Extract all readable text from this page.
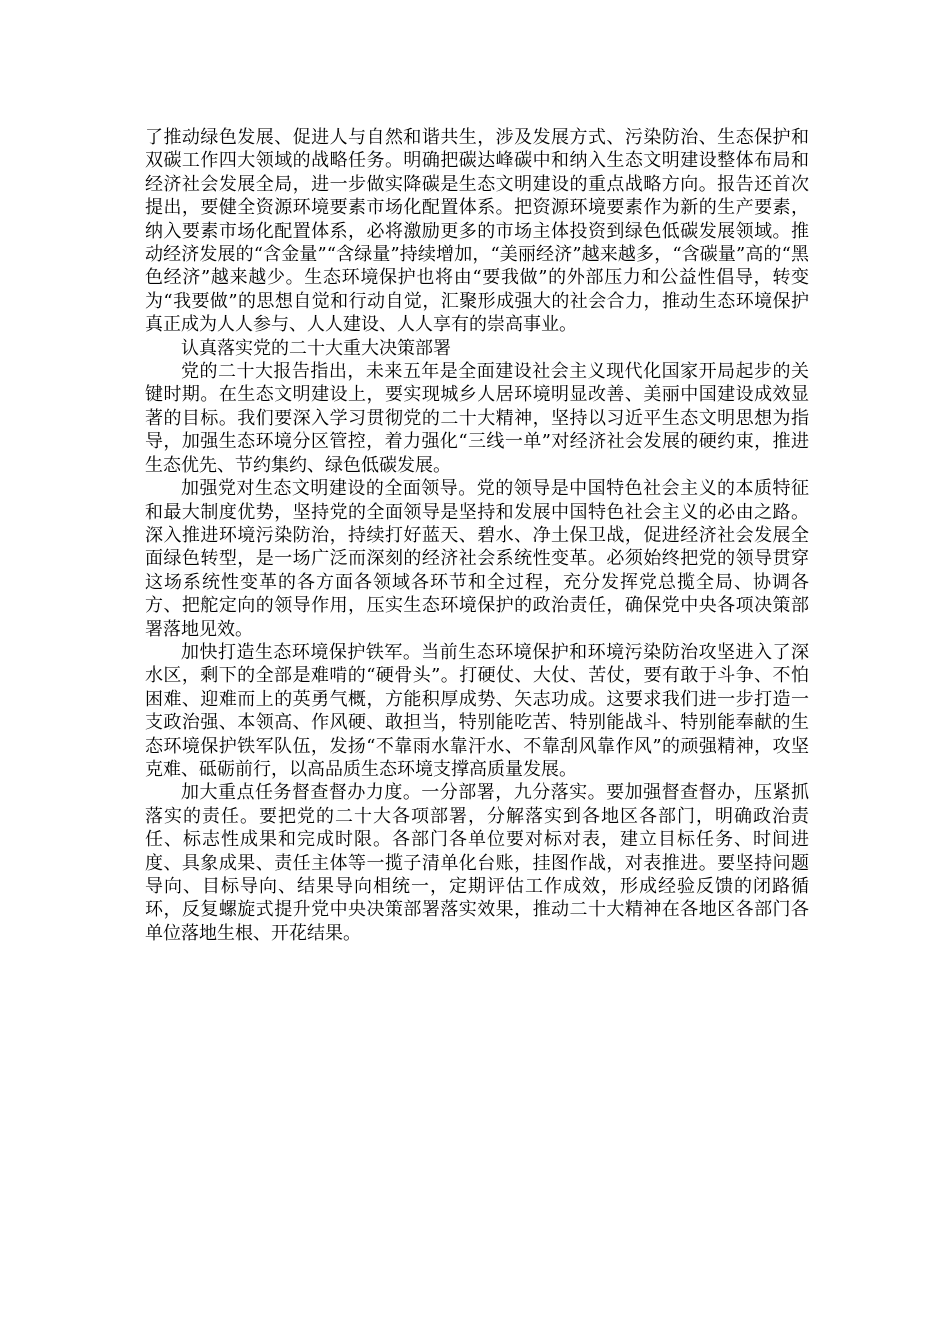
了推动绿色发展、促进人与自然和谐共生，涉及发展方式、污染防治、生态保护和双碳工作四大领域的战略任务。明确把碳达峰碳中和纳入生态文明建设整体布局和经济社会发展全局，进一步做实降碳是生态文明建设的重点战略方向。报告还首次提出，要健全资源环境要素市场化配置体系。把资源环境要素作为新的生产要素，纳入要素市场化配置体系，必将激励更多的市场主体投资到绿色低碳发展领域。推动经济发展的“含金量”“含绿量”持续增加，“美丽经济”越来越多，“含碳量”高的“黑色经济”越来越少。生态环境保护也将由“要我做”的外部压力和公益性倡导，转变为“我要做”的思想自觉和行动自觉，汇聚形成强大的社会合力，推动生态环境保护真正成为人人参与、人人建设、人人享有的崇高事业。

认真落实党的二十大重大决策部署

党的二十大报告指出，未来五年是全面建设社会主义现代化国家开局起步的关键时期。在生态文明建设上，要实现城乡人居环境明显改善、美丽中国建设成效显著的目标。我们要深入学习贯彻党的二十大精神，坚持以习近平生态文明思想为指导，加强生态环境分区管控，着力强化“三线一单”对经济社会发展的硬约束，推进生态优先、节约集约、绿色低碳发展。

加强党对生态文明建设的全面领导。党的领导是中国特色社会主义的本质特征和最大制度优势，坚持党的全面领导是坚持和发展中国特色社会主义的必由之路。深入推进环境污染防治，持续打好蓝天、碧水、净土保卫战，促进经济社会发展全面绿色转型，是一场广泛而深刻的经济社会系统性变革。必须始终把党的领导贯穿这场系统性变革的各方面各领域各环节和全过程，充分发挥党总揽全局、协调各方、把舵定向的领导作用，压实生态环境保护的政治责任，确保党中央各项决策部署落地见效。

加快打造生态环境保护铁军。当前生态环境保护和环境污染防治攻坚进入了深水区，剩下的全部是难啃的“硬骨头”。打硬仗、大仗、苦仗，要有敢于斗争、不怕困难、迎难而上的英勇气概，方能积厚成势、矢志功成。这要求我们进一步打造一支政治强、本领高、作风硬、敢担当，特别能吃苦、特别能战斗、特别能奉献的生态环境保护铁军队伍，发扬“不靠雨水靠汗水、不靠刮风靠作风”的顽强精神，攻坚克难、砥砺前行，以高品质生态环境支撑高质量发展。

加大重点任务督查督办力度。一分部署，九分落实。要加强督查督办，压紧抓落实的责任。要把党的二十大各项部署，分解落实到各地区各部门，明确政治责任、标志性成果和完成时限。各部门各单位要对标对表，建立目标任务、时间进度、具象成果、责任主体等一揽子清单化台账，挂图作战，对表推进。要坚持问题导向、目标导向、结果导向相统一，定期评估工作成效，形成经验反馈的闭路循环，反复螺旋式提升党中央决策部署落实效果，推动二十大精神在各地区各部门各单位落地生根、开花结果。
